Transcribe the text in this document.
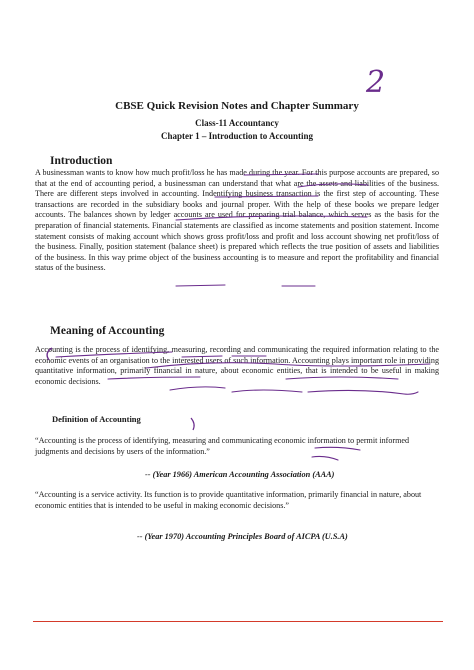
CBSE Quick Revision Notes and Chapter Summary
Class-11 Accountancy
Chapter 1 – Introduction to Accounting
Introduction

A businessman wants to know how much profit/loss he has made during the year. For this purpose accounts are prepared, so that at the end of accounting period, a businessman can understand that what are the assets and liabilities of the business. There are different steps involved in accounting. Indentifying business transaction is the first step of accounting. These transactions are recorded in the subsidiary books and journal proper. With the help of these books we prepare ledger accounts. The balances shown by ledger accounts are used for preparing trial balance, which serves as the basis for the preparation of financial statements. Financial statements are classified as income statements and position statement. Income statement consists of making account which shows gross profit/loss and profit and loss account showing net profit/loss of the business. Finally, position statement (balance sheet) is prepared which reflects the true position of assets and liabilities of the business. In this way prime object of the business accounting is to measure and report the profitability and financial status of the business.

Meaning of Accounting

Accounting is the process of identifying, measuring, recording and communicating the required information relating to the economic events of an organisation to the interested users of such information. Accounting plays important role in providing quantitative information, primarily financial in nature, about economic entities, that is intended to be useful in making economic decisions.

Definition of Accounting

“Accounting is the process of identifying, measuring and communicating economic information to permit informed judgments and decisions by users of the information.”

-- (Year 1966) American Accounting Association (AAA)

“Accounting is a service activity. Its function is to provide quantitative information, primarily financial in nature, about economic entities that is intended to be useful in making economic decisions.”

-- (Year 1970) Accounting Principles Board of AICPA (U.S.A)
2
